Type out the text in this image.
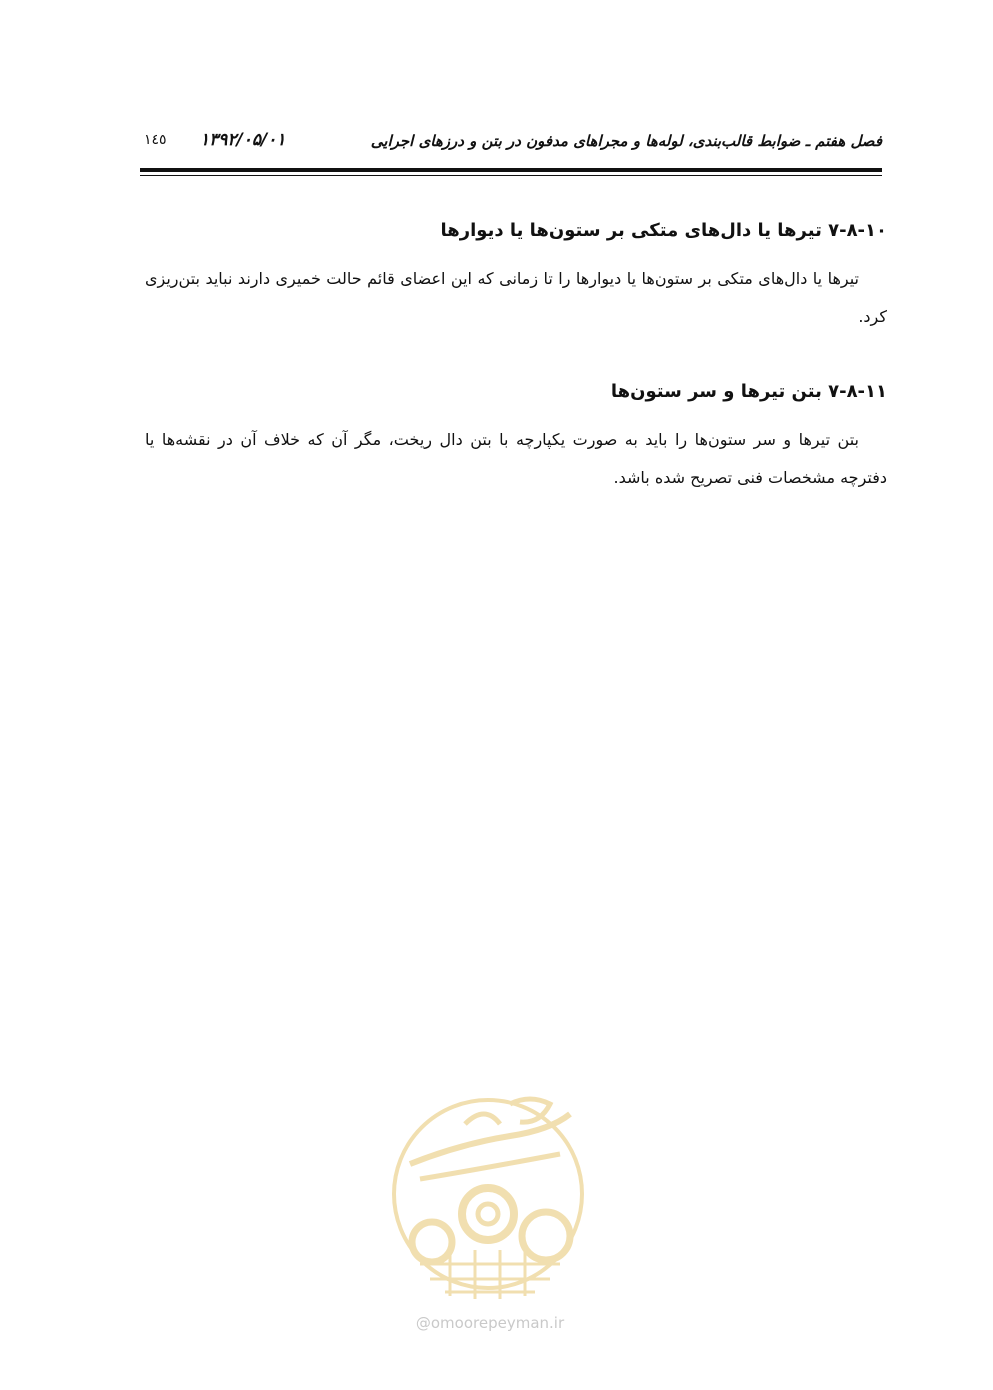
فصل هفتم ـ ضوابط قالب‌بندی، لوله‌ها و مجراهای مدفون در بتن و درزهای اجرایی
۱۳۹۲/۰۵/۰۱
۱٤٥
۷-۸-۱۰ تیرها یا دال‌های متکی بر ستون‌ها یا دیوارها

تیرها یا دال‌های متکی بر ستون‌ها یا دیوارها را تا زمانی که این اعضای قائم حالت خمیری دارند نباید بتن‌ریزی کرد.

۷-۸-۱۱ بتن تیرها و سر ستون‌ها

بتن تیرها و سر ستون‌ها را باید به صورت یکپارچه با بتن دال ریخت، مگر آن که خلاف آن در نقشه‌ها یا دفترچه مشخصات فنی تصریح شده باشد.

@omoorepeyman.ir
